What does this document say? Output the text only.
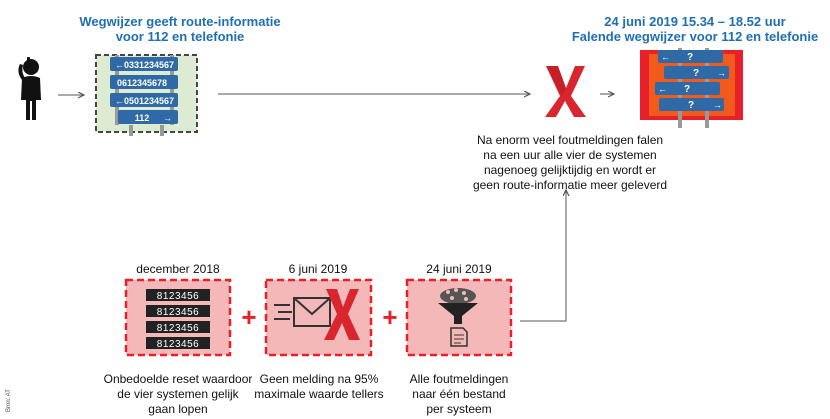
Wegwijzer geeft route-informatie
voor 112 en telefonie
24 juni 2019 15.34 – 18.52 uur
Falende wegwijzer voor 112 en telefonie
←
←
→
0331234567
0612345678
0501234567
112
←
→
←
→
?
?
?
?
8123456
8123456
8123456
8123456
+	+
Bron: AT
Na enorm veel foutmeldingen falen
na een uur alle vier de systemen
nagenoeg gelijktijdig en wordt er
geen route-informatie meer geleverd
december 2018	6 juni 2019	24 juni 2019
Onbedoelde reset waardoor
de vier systemen gelijk
gaan lopen
Geen melding na 95%
maximale waarde tellers
Alle foutmeldingen
naar één bestand
per systeem
